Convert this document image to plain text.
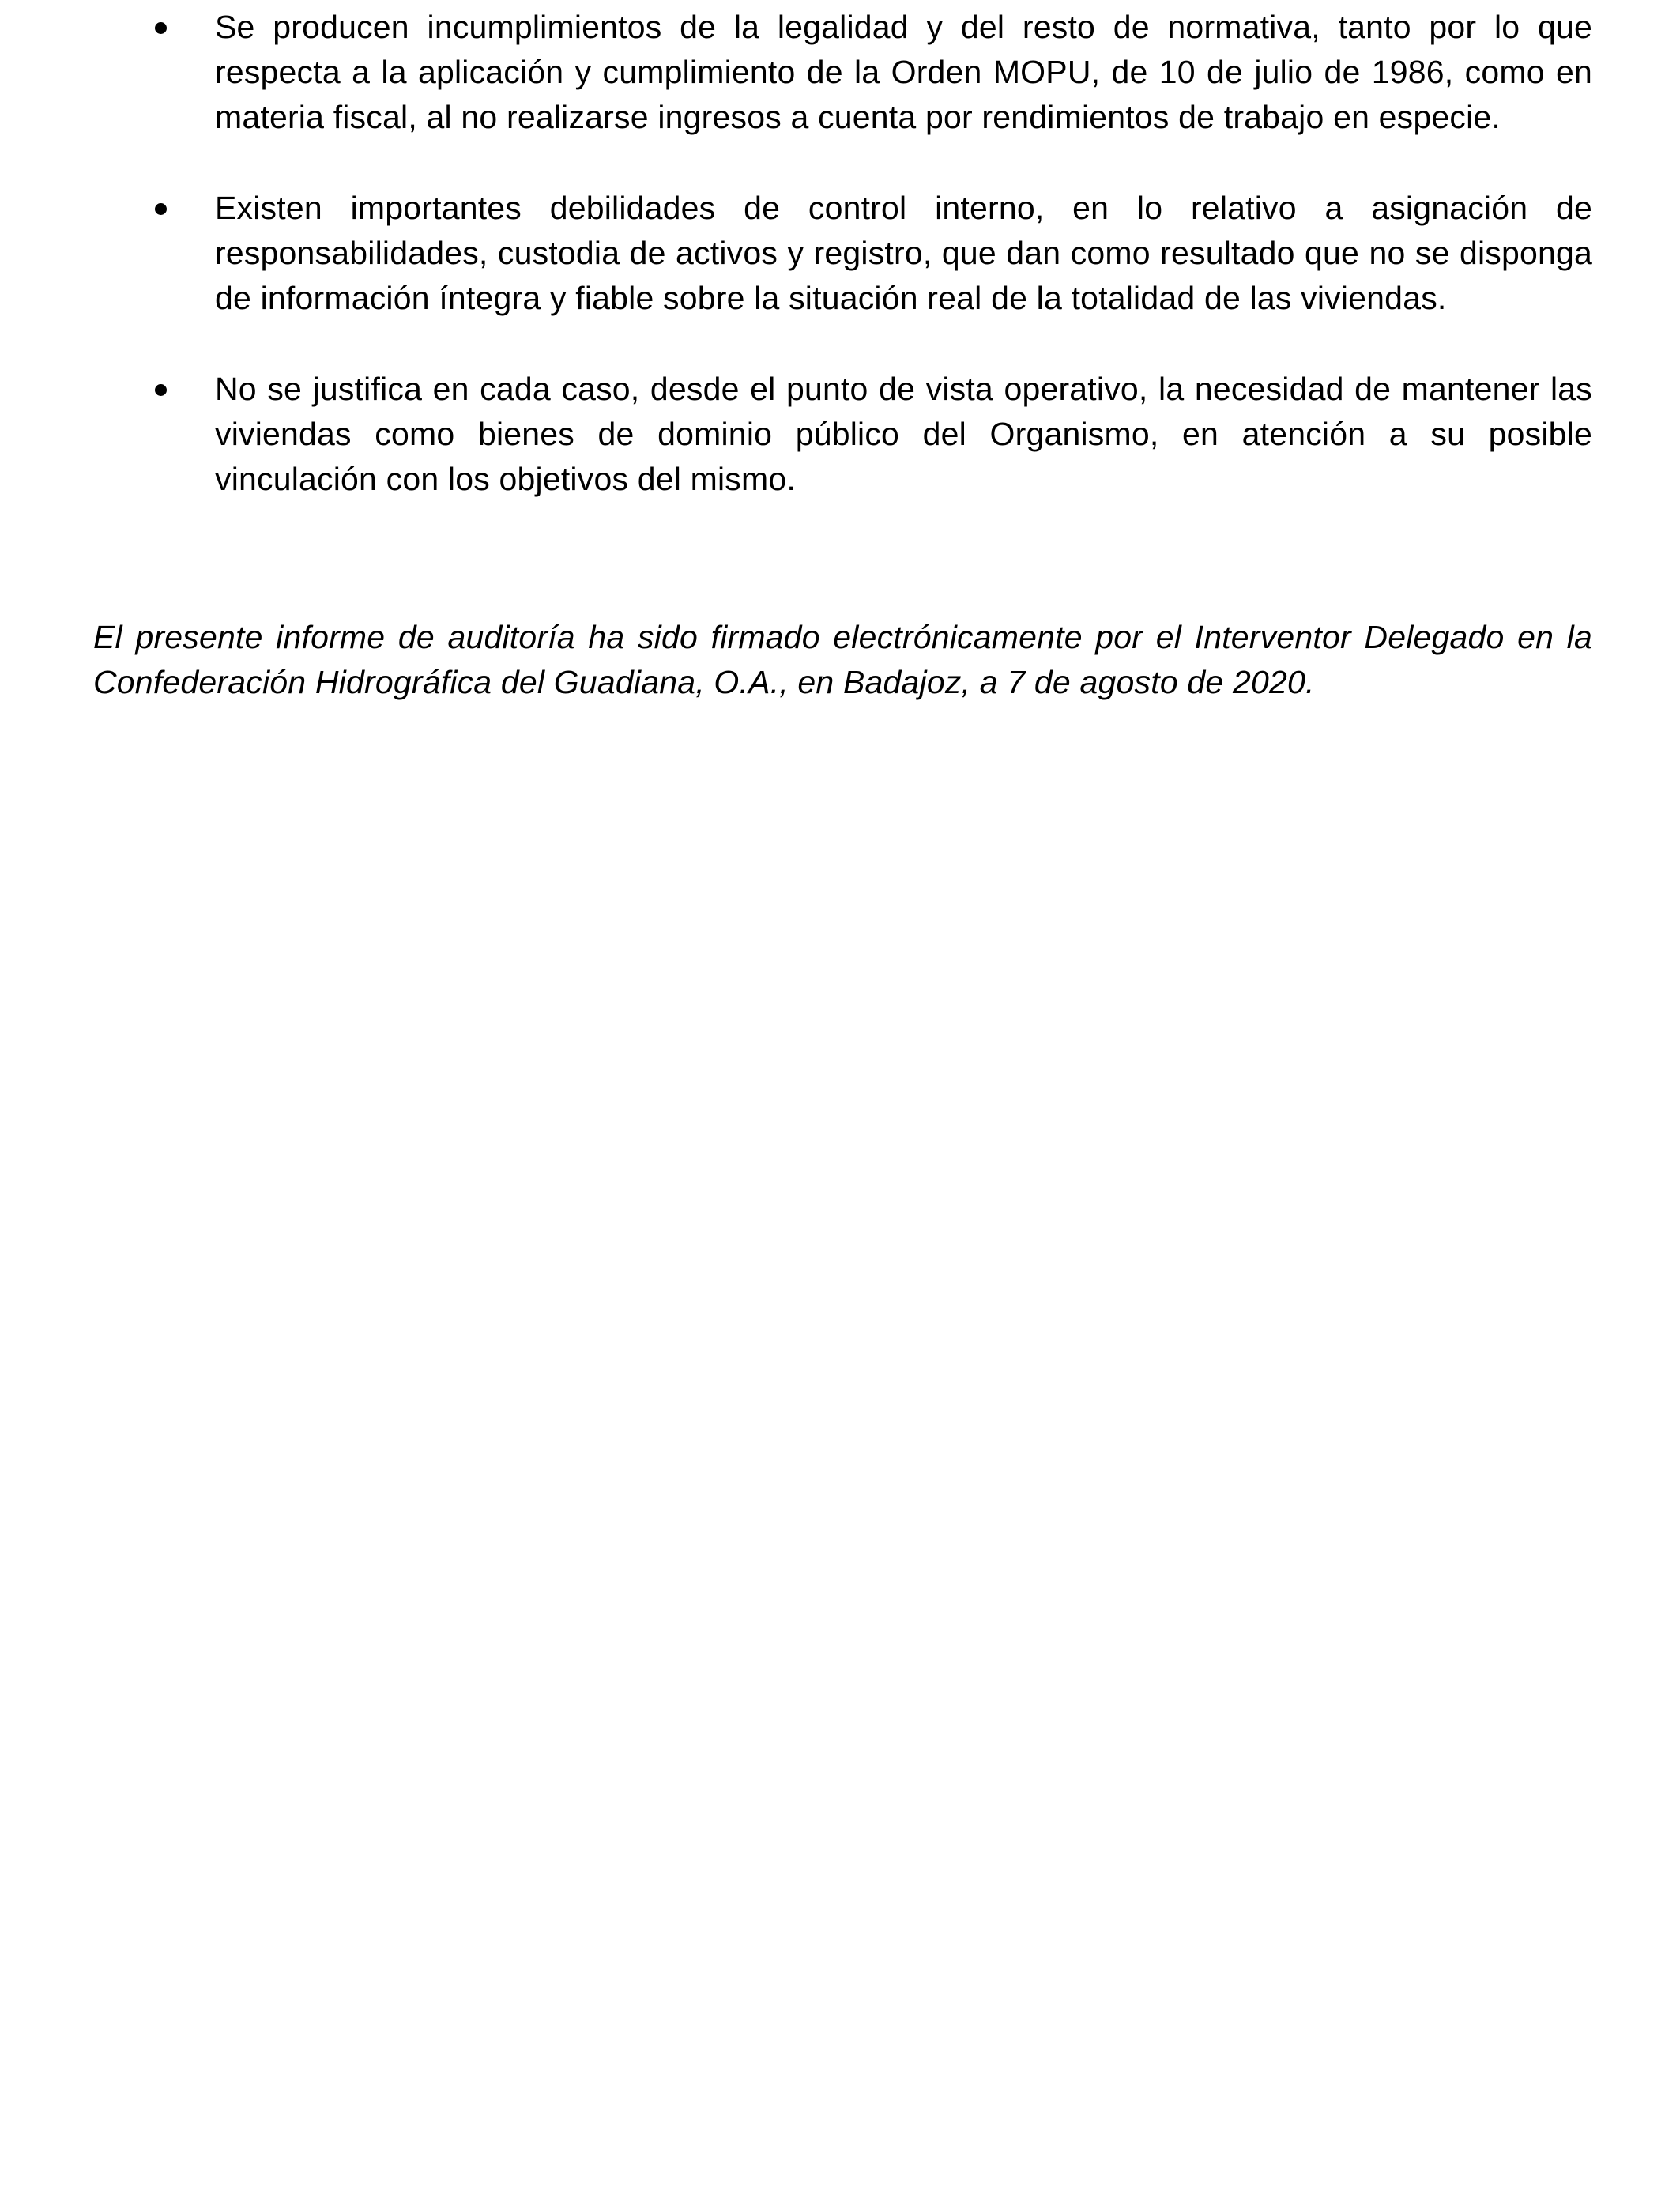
Se producen incumplimientos de la legalidad y del resto de normativa, tanto por lo que respecta a la aplicación y cumplimiento de la Orden MOPU, de 10 de julio de 1986, como en materia fiscal, al no realizarse ingresos a cuenta por rendimientos de trabajo en especie.
Existen importantes debilidades de control interno, en lo relativo a asignación de responsabilidades, custodia de activos y registro, que dan como resultado que no se disponga de información íntegra y fiable sobre la situación real de la totalidad de las viviendas.
No se justifica en cada caso, desde el punto de vista operativo, la necesidad de mantener las viviendas como bienes de dominio público del Organismo, en atención a su posible vinculación con los objetivos del mismo.

El presente informe de auditoría ha sido firmado electrónicamente por el Interventor Delegado en la Confederación Hidrográfica del Guadiana, O.A., en Badajoz, a 7 de agosto de 2020.
